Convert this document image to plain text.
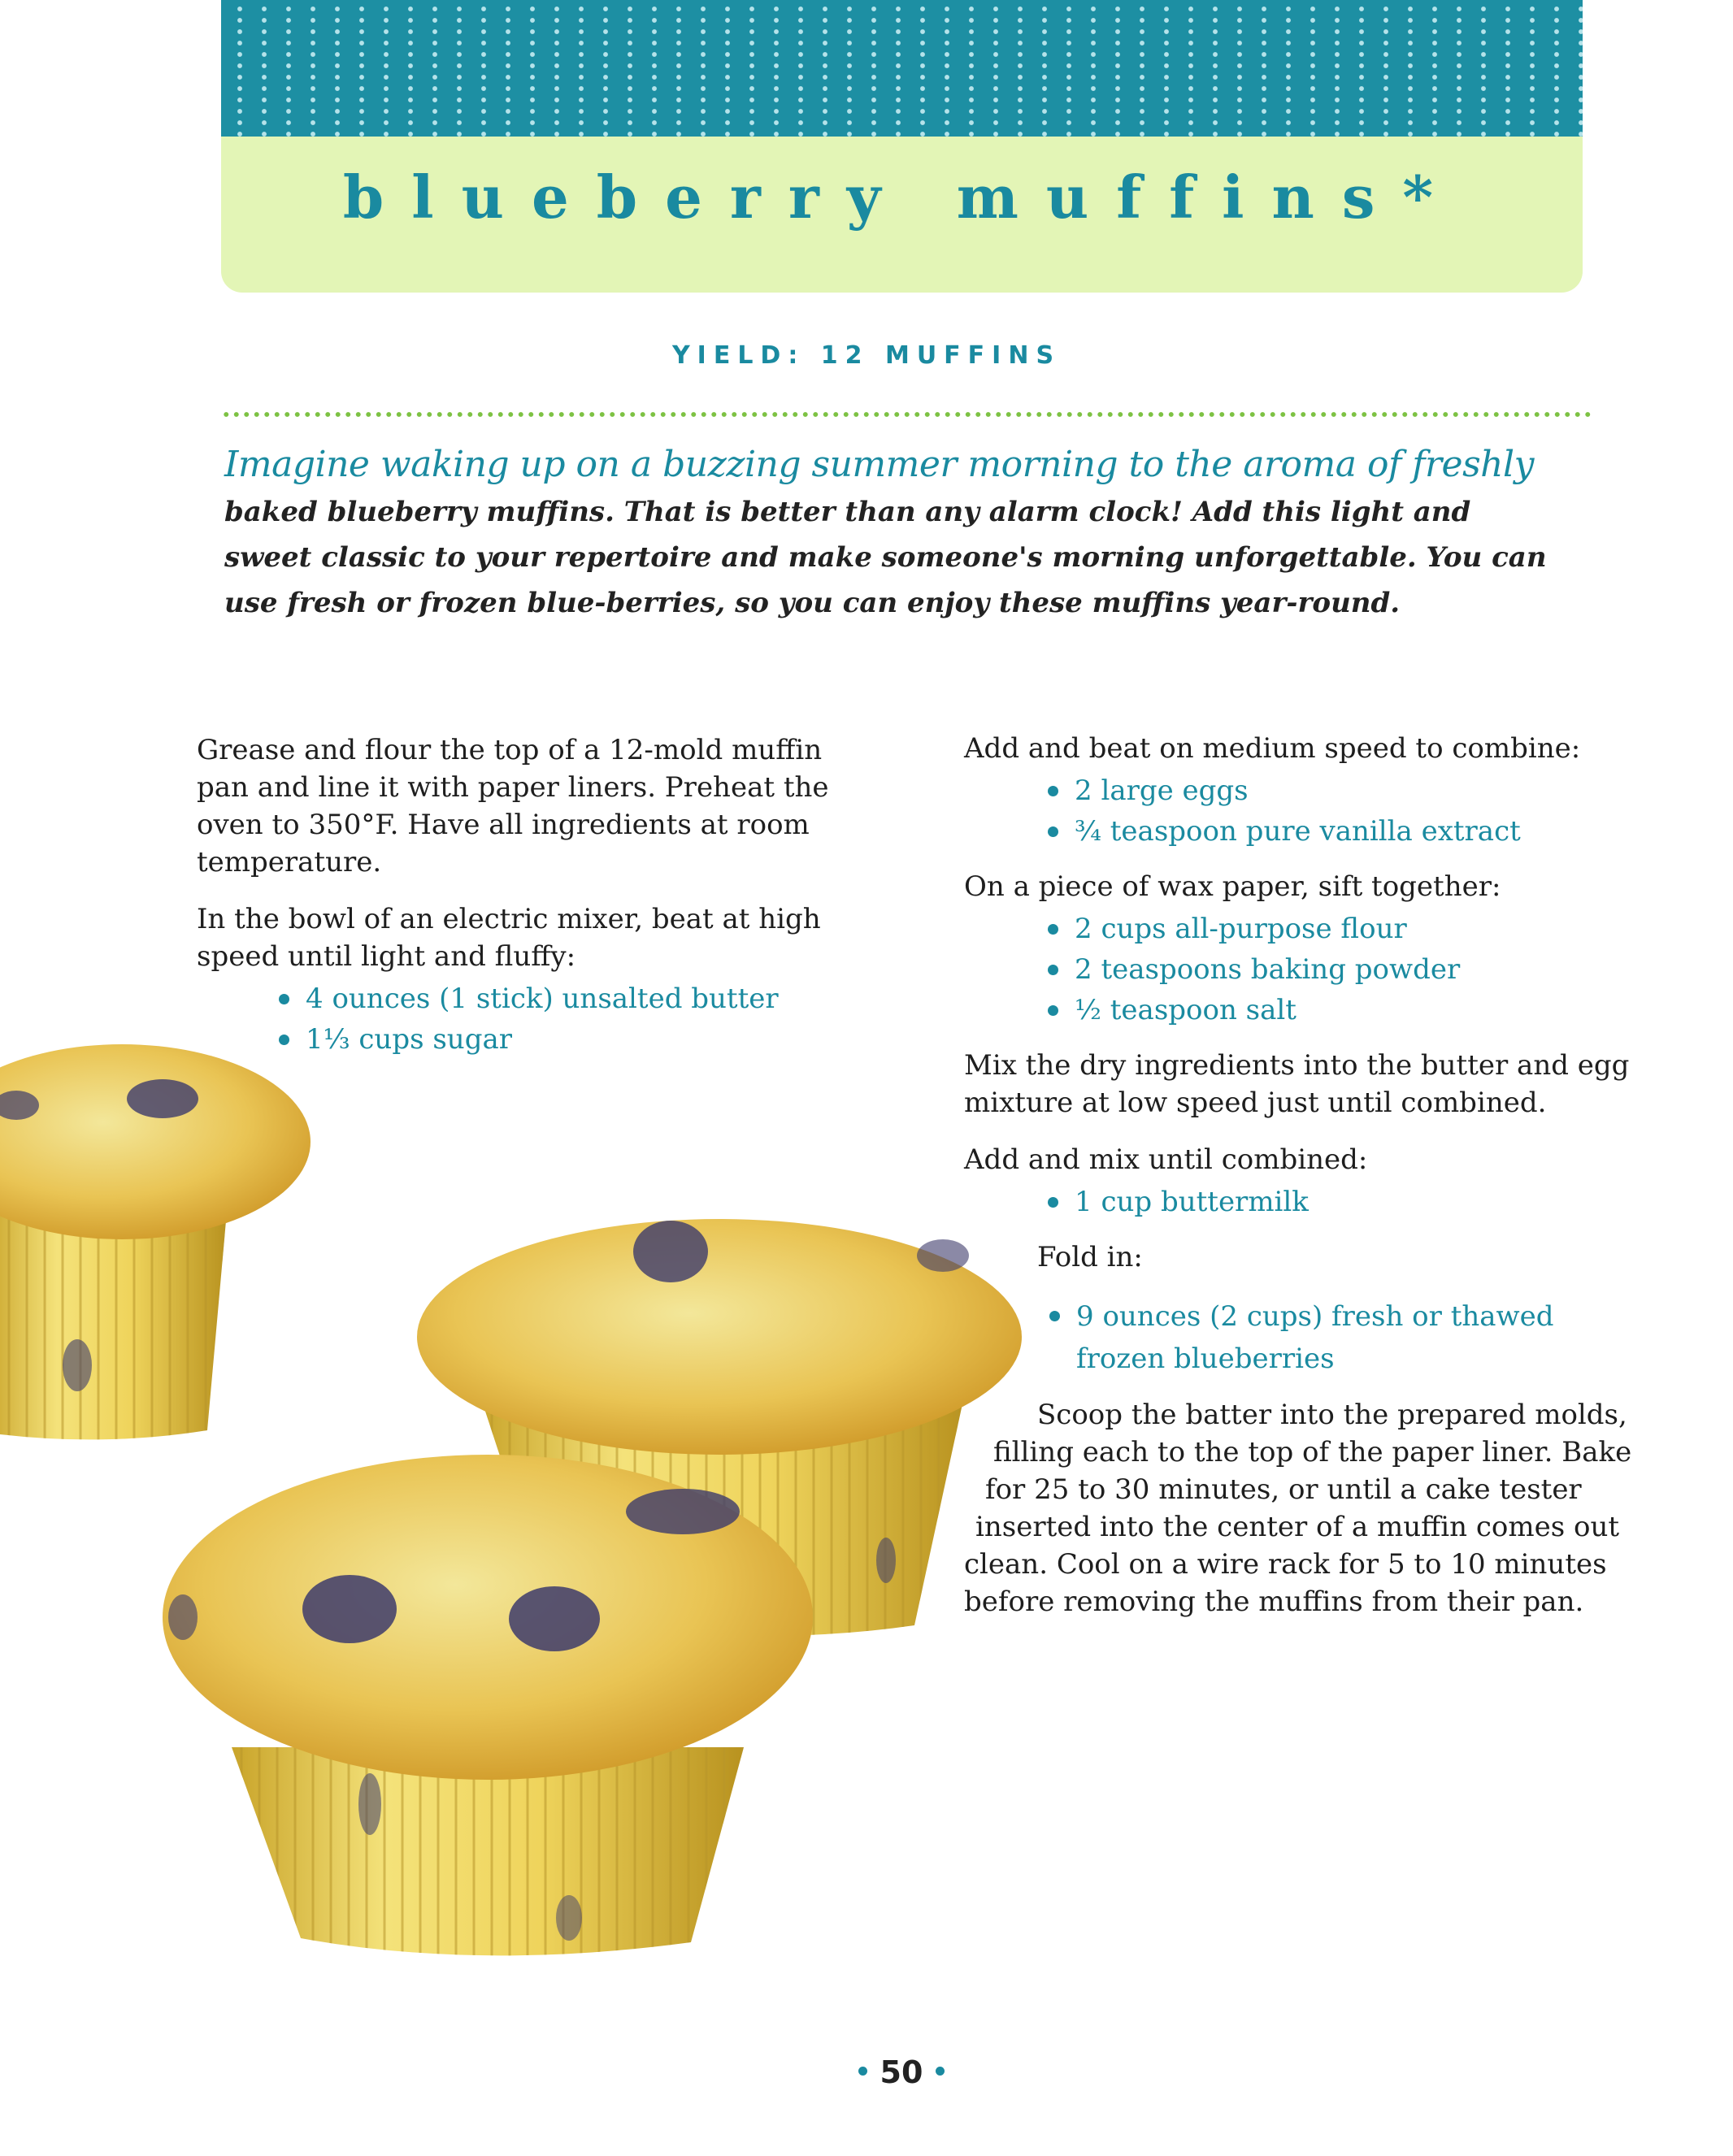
blueberry muffins*
YIELD: 12 MUFFINS
Imagine waking up on a buzzing summer morning to the aroma of freshly
baked blueberry muffins. That is better than any alarm clock! Add this light and sweet classic to your repertoire and make someone's morning unforgettable. You can use fresh or frozen blue-berries, so you can enjoy these muffins year-round.

Grease and flour the top of a 12-mold muffin pan and line it with paper liners. Preheat the oven to 350°F. Have all ingredients at room temperature.

In the bowl of an electric mixer, beat at high speed until light and fluffy:

4 ounces (1 stick) unsalted butter
1⅓ cups sugar

Add and beat on medium speed to combine:

2 large eggs
¾ teaspoon pure vanilla extract

On a piece of wax paper, sift together:

2 cups all-purpose flour
2 teaspoons baking powder
½ teaspoon salt

Mix the dry ingredients into the butter and egg mixture at low speed just until combined.

Add and mix until combined:

1 cup buttermilk

Fold in:

9 ounces (2 cups) fresh or thawed frozen blueberries

Scoop the batter into the prepared molds,
filling each to the top of the paper liner. Bake
for 25 to 30 minutes, or until a cake tester
inserted into the center of a muffin comes out
clean. Cool on a wire rack for 5 to 10 minutes
before removing the muffins from their pan.

50
